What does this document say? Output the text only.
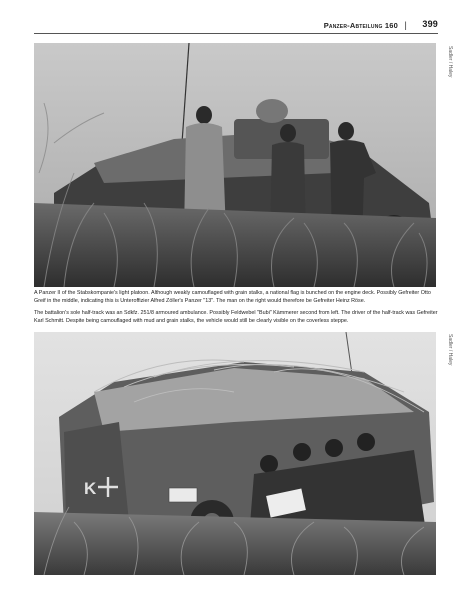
Panzer-Abteilung 160 | 399
Sadler / Haley
A Panzer II of the Stabskompanie's light platoon. Although weakly camouflaged with grain stalks, a national flag is bunched on the engine deck. Possibly Gefreiter Otto Greif in the middle, indicating this is Unteroffizier Alfred Zöller's Panzer "13". The man on the right would therefore be Gefreiter Heinz Röse.
The battalion's sole half-track was an Sdkfz. 251/8 armoured ambulance. Possibly Feldwebel "Bubi" Kämmerer second from left. The driver of the half-track was Gefreiter Karl Schmitt. Despite being camouflaged with mud and grain stalks, the vehicle would still be clearly visible on the coverless steppe.
K
Sadler / Haley
